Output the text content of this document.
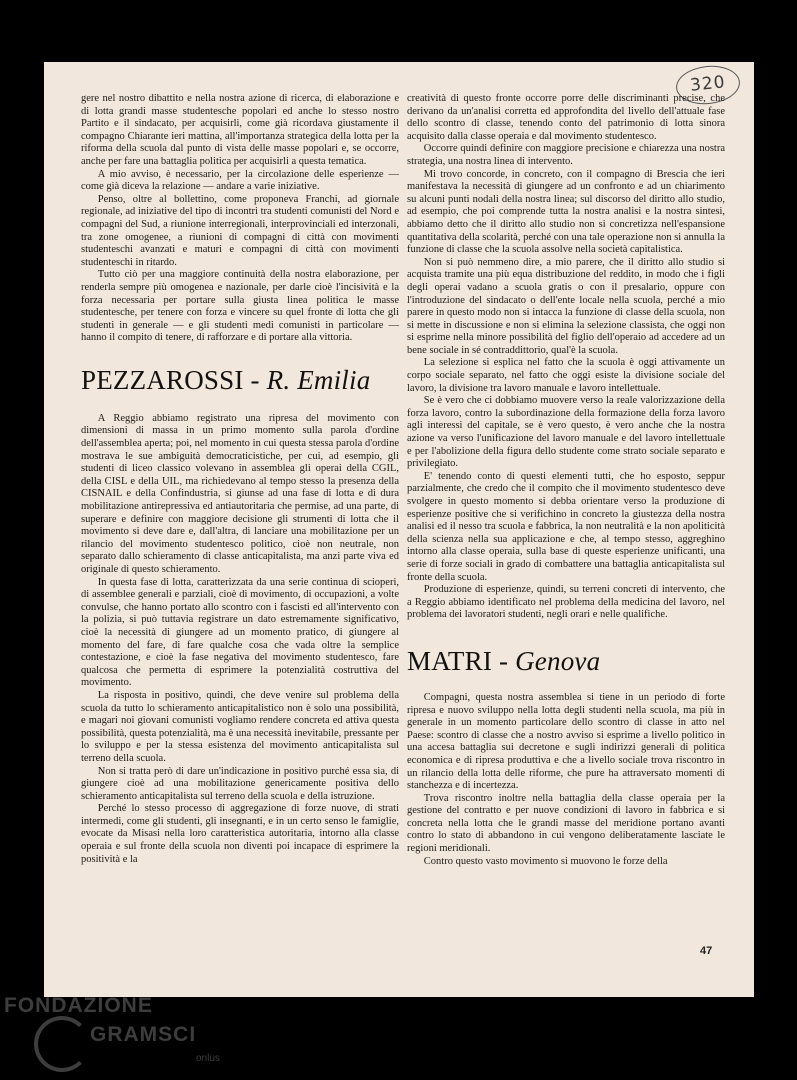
320

gere nel nostro dibattito e nella nostra azione di ricerca, di elaborazione e di lotta grandi masse studentesche popolari ed anche lo stesso nostro Partito e il sindacato, per acquisirli, come già ricordava giustamente il compagno Chiarante ieri mattina, all'importanza strategica della lotta per la riforma della scuola dal punto di vista delle masse popolari e, se occorre, anche per fare una battaglia politica per acquisirli a questa tematica.

A mio avviso, è necessario, per la circolazione delle esperienze — come già diceva la relazione — andare a varie iniziative.

Penso, oltre al bollettino, come proponeva Franchi, ad giornale regionale, ad iniziative del tipo di incontri tra studenti comunisti del Nord e compagni del Sud, a riunione interregionali, interprovinciali ed interzonali, tra zone omogenee, a riunioni di compagni di città con movimenti studenteschi avanzati e maturi e compagni di città con movimenti studenteschi in ritardo.

Tutto ciò per una maggiore continuità della nostra elaborazione, per renderla sempre più omogenea e nazionale, per darle cioè l'incisività e la forza necessaria per portare sulla giusta linea politica le masse studentesche, per tenere con forza e vincere su quel fronte di lotta che gli studenti in generale — e gli studenti medi comunisti in particolare — hanno il compito di tenere, di rafforzare e di portare alla vittoria.

PEZZAROSSI - R. Emilia

A Reggio abbiamo registrato una ripresa del movimento con dimensioni di massa in un primo momento sulla parola d'ordine dell'assemblea aperta; poi, nel momento in cui questa stessa parola d'ordine mostrava le sue ambiguità democraticistiche, per cui, ad esempio, gli studenti di liceo classico volevano in assemblea gli operai della CGIL, della CISL e della UIL, ma richiedevano al tempo stesso la presenza della CISNAIL e della Confindustria, si giunse ad una fase di lotta e di dura mobilitazione antirepressiva ed antiautoritaria che permise, ad una parte, di superare e definire con maggiore decisione gli strumenti di lotta che il movimento si deve dare e, dall'altra, di lanciare una mobilitazione per un rilancio del movimento studentesco politico, cioè non neutrale, non separato dallo schieramento di classe anticapitalista, ma anzi parte viva ed originale di questo schieramento.

In questa fase di lotta, caratterizzata da una serie continua di scioperi, di assemblee generali e parziali, cioè di movimento, di occupazioni, a volte convulse, che hanno portato allo scontro con i fascisti ed all'intervento con la polizia, si può tuttavia registrare un dato estremamente significativo, cioè la necessità di giungere ad un momento pratico, di giungere al momento del fare, di fare qualche cosa che vada oltre la semplice contestazione, e cioè la fase negativa del movimento studentesco, fare qualcosa che permetta di esprimere la potenzialità costruttiva del movimento.

La risposta in positivo, quindi, che deve venire sul problema della scuola da tutto lo schieramento anticapitalistico non è solo una possibilità, e magari noi giovani comunisti vogliamo rendere concreta ed attiva questa possibilità, questa potenzialità, ma è una necessità inevitabile, pressante per lo sviluppo e per la stessa esistenza del movimento anticapitalista sul terreno della scuola.

Non si tratta però di dare un'indicazione in positivo purché essa sia, di giungere cioè ad una mobilitazione genericamente positiva dello schieramento anticapitalista sul terreno della scuola e della istruzione.

Perché lo stesso processo di aggregazione di forze nuove, di strati intermedi, come gli studenti, gli insegnanti, e in un certo senso le famiglie, evocate da Misasi nella loro caratteristica autoritaria, intorno alla classe operaia e sul fronte della scuola non diventi poi incapace di esprimere la positività e la

creatività di questo fronte occorre porre delle discriminanti precise, che derivano da un'analisi corretta ed approfondita del livello dell'attuale fase dello scontro di classe, tenendo conto del patrimonio di lotta sinora acquisito dalla classe operaia e dal movimento studentesco.

Occorre quindi definire con maggiore precisione e chiarezza una nostra strategia, una nostra linea di intervento.

Mi trovo concorde, in concreto, con il compagno di Brescia che ieri manifestava la necessità di giungere ad un confronto e ad un chiarimento su alcuni punti nodali della nostra linea; sul discorso del diritto allo studio, ad esempio, che poi comprende tutta la nostra analisi e la nostra sintesi, abbiamo detto che il diritto allo studio non si concretizza nell'espansione quantitativa della scolarità, perché con una tale operazione non si annulla la funzione di classe che la scuola assolve nella società capitalistica.

Non si può nemmeno dire, a mio parere, che il diritto allo studio si acquista tramite una più equa distribuzione del reddito, in modo che i figli degli operai vadano a scuola gratis o con il presalario, oppure con l'introduzione del sindacato o dell'ente locale nella scuola, perché a mio parere in questo modo non si intacca la funzione di classe della scuola, non si mette in discussione e non si elimina la selezione classista, che oggi non si esprime nella minore possibilità del figlio dell'operaio ad accedere ad un bene sociale in sé contraddittorio, qual'è la scuola.

La selezione si esplica nel fatto che la scuola è oggi attivamente un corpo sociale separato, nel fatto che oggi esiste la divisione sociale del lavoro, la divisione tra lavoro manuale e lavoro intellettuale.

Se è vero che ci dobbiamo muovere verso la reale valorizzazione della forza lavoro, contro la subordinazione della formazione della forza lavoro agli interessi del capitale, se è vero questo, è vero anche che la nostra azione va verso l'unificazione del lavoro manuale e del lavoro intellettuale e per l'abolizione della figura dello studente come strato sociale separato e privilegiato.

E' tenendo conto di questi elementi tutti, che ho esposto, seppur parzialmente, che credo che il compito che il movimento studentesco deve svolgere in questo momento si debba orientare verso la produzione di esperienze positive che si verifichino in concreto la giustezza della nostra analisi ed il nesso tra scuola e fabbrica, la non neutralità e la non apoliticità della scienza nella sua applicazione e che, al tempo stesso, aggreghino intorno alla classe operaia, sulla base di queste esperienze unificanti, una serie di forze sociali in grado di combattere una battaglia anticapitalista sul fronte della scuola.

Produzione di esperienze, quindi, su terreni concreti di intervento, che a Reggio abbiamo identificato nel problema della medicina del lavoro, nel problema dei lavoratori studenti, negli orari e nelle qualifiche.

MATRI - Genova

Compagni, questa nostra assemblea si tiene in un periodo di forte ripresa e nuovo sviluppo nella lotta degli studenti nella scuola, ma più in generale in un momento particolare dello scontro di classe in atto nel Paese: scontro di classe che a nostro avviso si esprime a livello politico in una accesa battaglia sui decretone e sugli indirizzi generali di politica economica e di ripresa produttiva e che a livello sociale trova riscontro in un rilancio della lotta delle riforme, che pure ha attraversato momenti di stanchezza e di incertezza.

Trova riscontro inoltre nella battaglia della classe operaia per la gestione del contratto e per nuove condizioni di lavoro in fabbrica e si concreta nella lotta che le grandi masse del meridione portano avanti contro lo stato di abbandono in cui vengono deliberatamente lasciate le regioni meridionali.

Contro questo vasto movimento si muovono le forze della

47
FONDAZIONE
GRAMSCI
onlus
